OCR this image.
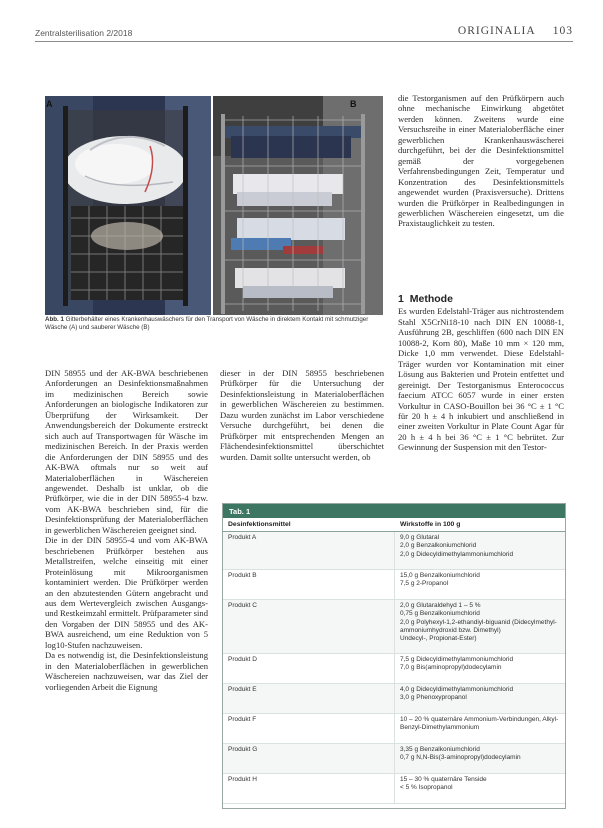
Zentralsterilisation 2/2018	ORIGINALIA 103
A	B
Abb. 1 Gitterbehälter eines Krankenhauswäschers für den Transport von Wäsche in direktem Kontakt mit schmutziger Wäsche (A) und sauberer Wäsche (B)

DIN 58955 und der AK-BWA beschriebenen Anforderungen an Desinfektionsmaßnahmen im medizinischen Bereich sowie Anforderungen an biologische Indikatoren zur Überprüfung der Wirksamkeit. Der Anwendungsbereich der Dokumente erstreckt sich auch auf Transportwagen für Wäsche im medizinischen Bereich. In der Praxis werden die Anforderungen der DIN 58955 und des AK-BWA oftmals nur so weit auf Materialoberflächen in Wäschereien angewendet. Deshalb ist unklar, ob die Prüfkörper, wie die in der DIN 58955-4 bzw. vom AK-BWA beschrieben sind, für die Desinfektionsprüfung der Materialoberflächen in gewerblichen Wäschereien geeignet sind.

Die in der DIN 58955-4 und vom AK-BWA beschriebenen Prüfkörper bestehen aus Metallstreifen, welche einseitig mit einer Proteinlösung mit Mikroorganismen kontaminiert werden. Die Prüfkörper werden an den abzutestenden Gütern angebracht und aus dem Wertevergleich zwischen Ausgangs- und Restkeimzahl ermittelt. Prüfparameter sind den Vorgaben der DIN 58955 und des AK-BWA ausreichend, um eine Reduktion von 5 log10-Stufen nachzuweisen.

Da es notwendig ist, die Desinfektionsleistung in den Materialoberflächen in gewerblichen Wäschereien nachzuweisen, war das Ziel der vorliegenden Arbeit die Eignung

dieser in der DIN 58955 beschriebenen Prüfkörper für die Untersuchung der Desinfektionsleistung in Materialoberflächen in gewerblichen Wäschereien zu bestimmen. Dazu wurden zunächst im Labor verschiedene Versuche durchgeführt, bei denen die Prüfkörper mit entsprechenden Mengen an Flächendesinfektionsmittel überschichtet wurden. Damit sollte untersucht werden, ob

die Testorganismen auf den Prüfkörpern auch ohne mechanische Einwirkung abgetötet werden können. Zweitens wurde eine Versuchsreihe in einer Materialoberfläche einer gewerblichen Krankenhauswäscherei durchgeführt, bei der die Desinfektionsmittel gemäß der vorgegebenen Verfahrensbedingungen Zeit, Temperatur und Konzentration des Desinfektionsmittels angewendet wurden (Praxisversuche). Drittens wurden die Prüfkörper in Realbedingungen in gewerblichen Wäschereien eingesetzt, um die Praxistauglichkeit zu testen.

1 Methode

Es wurden Edelstahl-Träger aus nichtrostendem Stahl X5CrNi18-10 nach DIN EN 10088-1, Ausführung 2B, geschliffen (600 nach DIN EN 10088-2, Korn 80), Maße 10 mm × 120 mm, Dicke 1,0 mm verwendet. Diese Edelstahl-Träger wurden vor Kontamination mit einer Lösung aus Bakterien und Protein entfettet und gereinigt. Der Testorganismus Enterococcus faecium ATCC 6057 wurde in einer ersten Vorkultur in CASO-Bouillon bei 36 °C ± 1 °C für 20 h ± 4 h inkubiert und anschließend in einer zweiten Vorkultur in Plate Count Agar für 20 h ± 4 h bei 36 °C ± 1 °C bebrütet. Zur Gewinnung der Suspension mit den Testor-

Tab. 1
Desinfektionsmittel	Wirkstoffe in 100 g
Produkt A	9,0 g Glutaral
2,0 g Benzalkoniumchlorid
2,0 g Didecyldimethylammoniumchlorid
Produkt B	15,0 g Benzalkoniumchlorid
7,5 g 2-Propanol
Produkt C	2,0 g Glutaraldehyd 1 – 5 %
0,75 g Benzalkoniumchlorid
2,0 g Polyhexyl-1,2-ethandiyl-biguanid (Didecylmethyl-ammoniumhydroxid bzw. Dimethyl)
Undecyl-, Propionat-Ester)
Produkt D	7,5 g Didecyldimethylammoniumchlorid
7,0 g Bis(aminopropyl)dodecylamin
Produkt E	4,0 g Didecyldimethylammoniumchlorid
3,0 g Phenoxypropanol
Produkt F	10 – 20 % quaternäre Ammonium-Verbindungen, Alkyl-Benzyl-Dimethylammonium
Produkt G	3,35 g Benzalkoniumchlorid
0,7 g N,N-Bis(3-aminopropyl)dodecylamin
Produkt H	15 – 30 % quaternäre Tenside
< 5 % Isopropanol
